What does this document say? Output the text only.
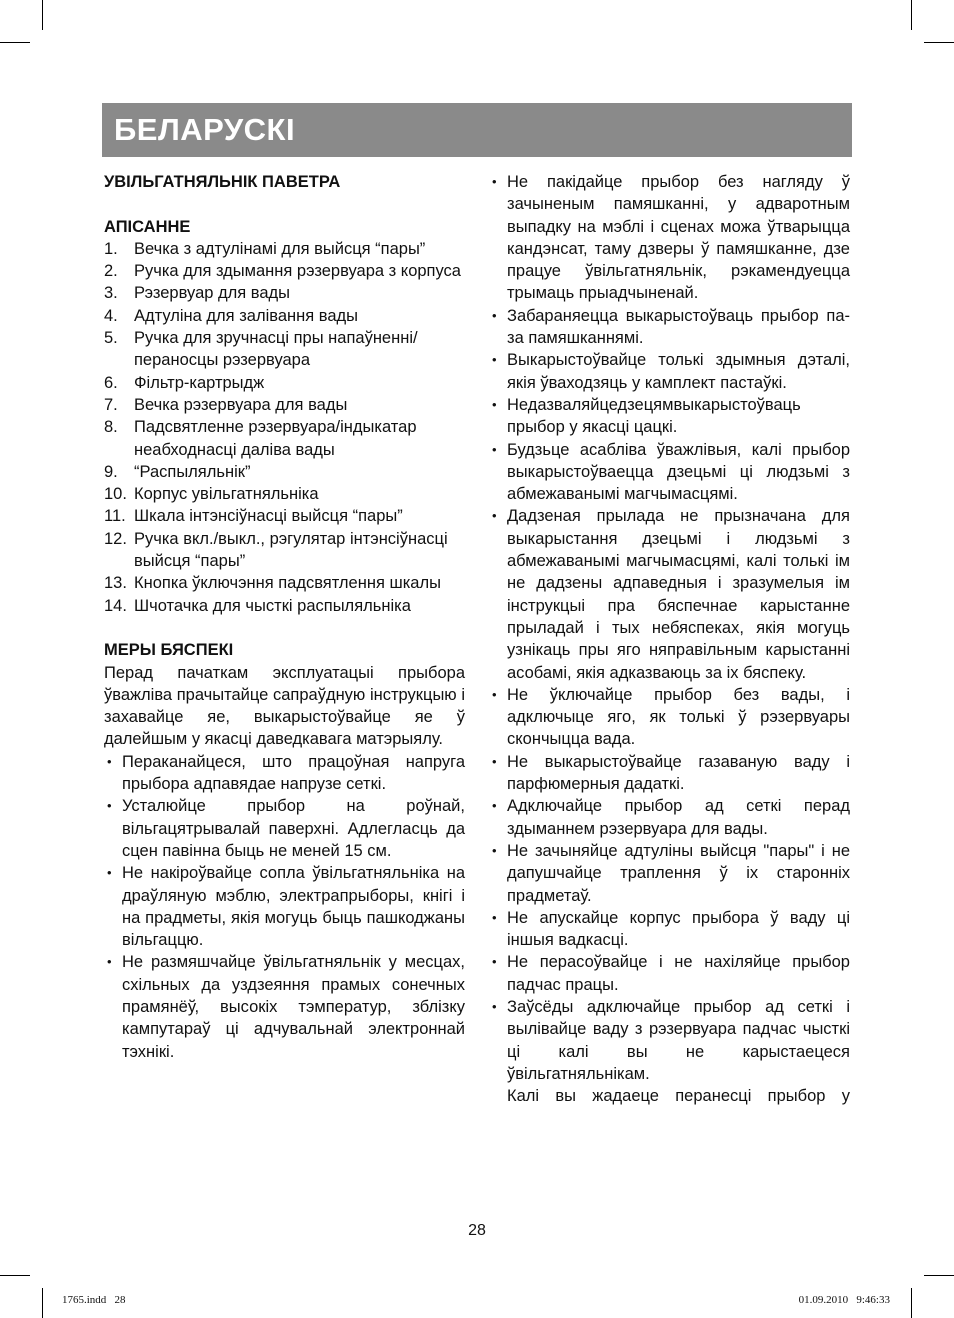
БЕЛАРУСКІ

УВІЛЬГАТНЯЛЬНІК ПАВЕТРА

АПІСАННЕ

1. Вечка з адтулінамі для выйсця “пары”
2. Ручка для здымання рэзервуара з корпуса
3. Рэзервуар для вады
4. Адтуліна для залівання вады
5. Ручка для зручнасці пры напаўненні/ пераносцы рэзервуара
6. Фільтр-картрыдж
7. Вечка рэзервуара для вады
8. Падсвятленне рэзервуара/індыкатар неабходнасці даліва вады
9. “Распыляльнік”
10. Корпус увільгатняльніка
11. Шкала інтэнсіўнасці выйсця “пары”
12. Ручка вкл./выкл., рэгулятар інтэнсіўнасці выйсця “пары”
13. Кнопка ўключэння падсвятлення шкалы
14. Шчотачка для чысткі распыляльніка

МЕРЫ БЯСПЕКІ

Перад пачаткам эксплуатацыі прыбора ўважліва прачытайце сапраўдную інструкцыю і захавайце яе, выкарыстоўвайце яе ў далейшым у якасці даведкавага матэрыялу.

• Пераканайцеся, што працоўная напруга прыбора адпавядае напрузе сеткі.
• Усталюйце прыбор на роўнай, вільгацятрывалай паверхні. Адлегласць да сцен павінна быць не меней 15 см.
• Не накіроўвайце сопла ўвільгатняльніка на драўляную мэблю, электрапрыборы, кнігі і на прадметы, якія могуць быць пашкоджаны вільгаццю.
• Не размяшчайце ўвільгатняльнік у месцах, схільных да уздзеяння прамых сонечных прамянёў, высокіх тэмператур, зблізку кампутараў ці адчувальнай электроннай тэхнікі.
• Не пакідайце прыбор без нагляду ў зачыненым памяшканні, у адваротным выпадку на мэблі і сценах можа ўтварыцца кандэнсат, таму дзверы ў памяшканне, дзе працуе ўвільгатняльнік, рэкамендуецца трымаць прыадчыненай.
• Забараняецца выкарыстоўваць прыбор па-за памяшканнямі.
• Выкарыстоўвайце толькі здымныя дэталі, якія ўваходзяць у камплект пастаўкі.
• Недазваляйцедзецямвыкарыстоўваць прыбор у якасці цацкі.
• Будзьце асабліва ўважлівыя, калі прыбор выкарыстоўваецца дзецьмі ці людзьмі з абмежаванымі магчымасцямі.
• Дадзеная прылада не прызначана для выкарыстання дзецьмі і людзьмі з абмежаванымі магчымасцямі, калі толькі ім не дадзены адпаведныя і зразумелыя ім інструкцыі пра бяспечнае карыстанне прыладай і тых небяспеках, якія могуць узнікаць пры яго няправільным карыстанні асобамі, якія адказваюць за іх бяспеку.
• Не ўключайце прыбор без вады, і адключыце яго, як толькі ў рэзервуары скончыцца вада.
• Не выкарыстоўвайце газаваную ваду і парфюмерныя дадаткі.
• Адключайце прыбор ад сеткі перад здыманнем рэзервуара для вады.
• Не зачыняйце адтуліны выйсця "пары" і не дапушчайце траплення ў іх старонніх прадметаў.
• Не апускайце корпус прыбора ў ваду ці іншыя вадкасці.
• Не перасоўвайце і не нахіляйце прыбор падчас працы.
• Заўсёды адключайце прыбор ад сеткі і вылівайце ваду з рэзервуара падчас чысткі ці калі вы не карыстаецеся ўвільгатняльнікам.

Калі вы жадаеце перанесці прыбор у

28
1765.indd   28	01.09.2010   9:46:33
